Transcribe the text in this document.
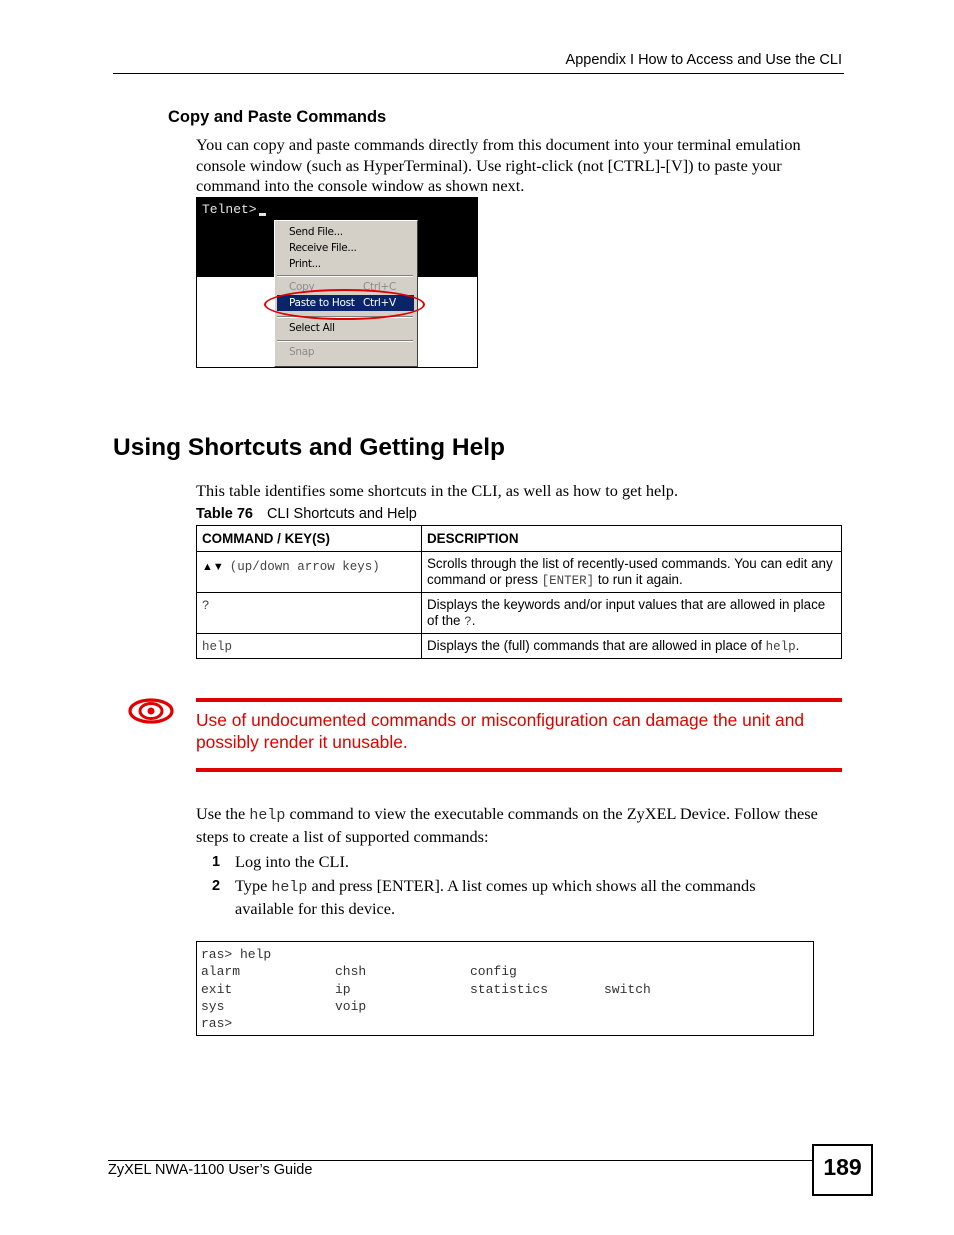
Appendix I How to Access and Use the CLI
Copy and Paste Commands
You can copy and paste commands directly from this document into your terminal emulation console window (such as HyperTerminal). Use right-click (not [CTRL]-[V]) to paste your command into the console window as shown next.
Telnet>
Send File...
Receive File...
Print...
Copy	Ctrl+C
Paste to Host Ctrl+V
Select All
Snap
Using Shortcuts and Getting Help
This table identifies some shortcuts in the CLI, as well as how to get help.
Table 76 CLI Shortcuts and Help
COMMAND / KEY(S)	DESCRIPTION
▲▼ (up/down arrow keys)	Scrolls through the list of recently-used commands. You can edit any command or press [ENTER] to run it again.
?	Displays the keywords and/or input values that are allowed in place of the ?.
help	Displays the (full) commands that are allowed in place of help.
Use of undocumented commands or misconfiguration can damage the unit and possibly render it unusable.
Use the help command to view the executable commands on the ZyXEL Device. Follow these steps to create a list of supported commands:
1 Log into the CLI.
2 Type help and press [ENTER]. A list comes up which shows all the commands available for this device.
ras> help
alarm	chsh	config
exit	ip	statistics	switch
sys	voip
ras>
ZyXEL NWA-1100 User’s Guide	189
